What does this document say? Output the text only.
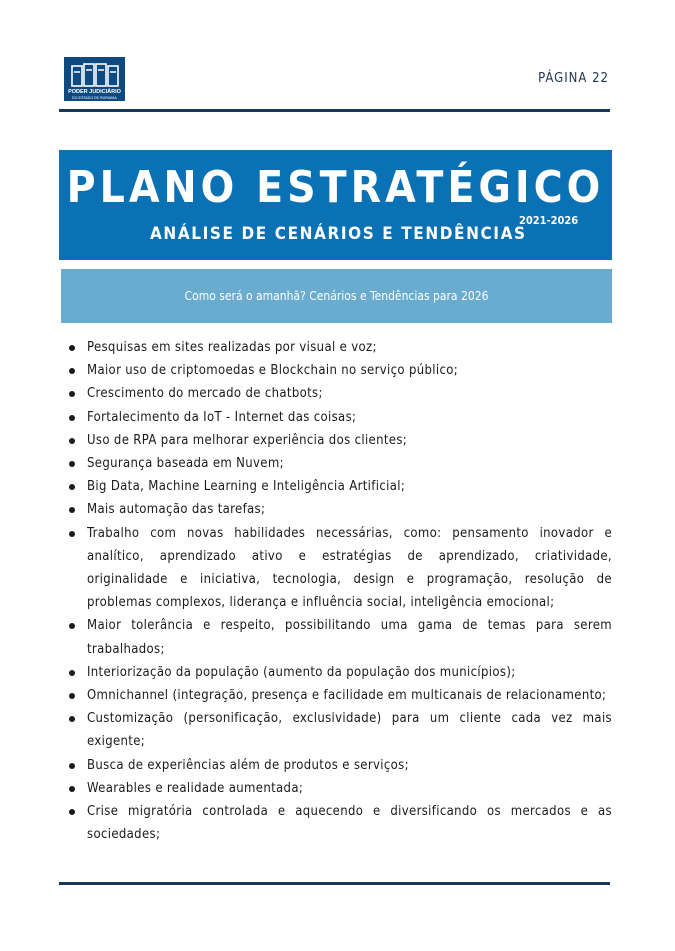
PODER JUDICIÁRIO
DO ESTADO DE RORAIMA
PÁGINA 22
PLANO ESTRATÉGICO
ANÁLISE DE CENÁRIOS E TENDÊNCIAS
2021-2026
Como será o amanhã? Cenários e Tendências para 2026
Pesquisas em sites realizadas por visual e voz;
Maior uso de criptomoedas e Blockchain no serviço público;
Crescimento do mercado de chatbots;
Fortalecimento da IoT - Internet das coisas;
Uso de RPA para melhorar experiência dos clientes;
Segurança baseada em Nuvem;
Big Data, Machine Learning e Inteligência Artificial;
Mais automação das tarefas;
Trabalho com novas habilidades necessárias, como: pensamento inovador e analítico, aprendizado ativo e estratégias de aprendizado, criatividade, originalidade e iniciativa, tecnologia, design e programação, resolução de problemas complexos, liderança e influência social, inteligência emocional;
Maior tolerância e respeito, possibilitando uma gama de temas para serem trabalhados;
Interiorização da população (aumento da população dos municípios);
Omnichannel (integração, presença e facilidade em multicanais de relacionamento;
Customização (personificação, exclusividade) para um cliente cada vez mais exigente;
Busca de experiências além de produtos e serviços;
Wearables e realidade aumentada;
Crise migratória controlada e aquecendo e diversificando os mercados e as sociedades;
